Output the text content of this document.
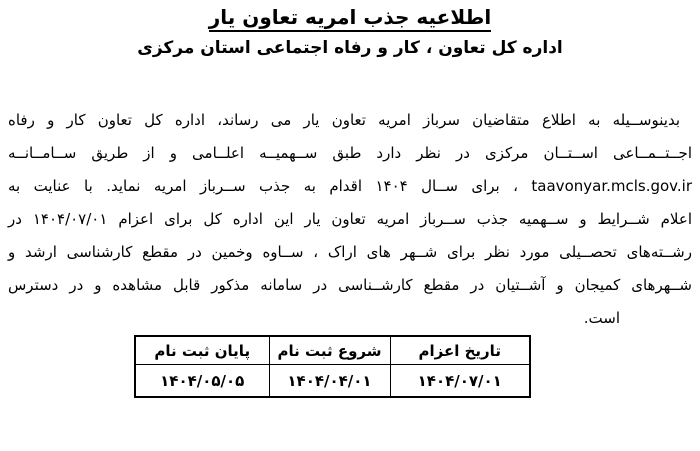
اطلاعیه جذب امریه تعاون یار
اداره کل تعاون ، کار و رفاه اجتماعی استان مرکزی
بدینوســیله به اطلاع متقاضیان سرباز امریه تعاون یار می رساند، اداره کل تعاون کار و رفاه
اجــتــمــاعی اســتــان مرکزی در نظر دارد طبق ســهمیــه اعلــامی و از طریق ســامــانــه
taavonyar.mcls.gov.ir ، برای ســال ۱۴۰۴ اقدام به جذب ســرباز امریه نماید. با عنایت به
اعلام شــرایط و ســهمیه جذب ســرباز امریه تعاون یار این اداره کل برای اعزام ۱۴۰۴/۰۷/۰۱ در
رشــته‌های تحصــیلی مورد نظر برای شــهر های اراک ، ســاوه وخمین در مقطع کارشناسی ارشد و
شــهرهای کمیجان و آشــتیان در مقطع کارشــناسی در سامانه مذکور قابل مشاهده و در دسترس
است.
تاریخ اعزام	شروع ثبت نام	پایان ثبت نام
۱۴۰۴/۰۷/۰۱	۱۴۰۴/۰۴/۰۱	۱۴۰۴/۰۵/۰۵
